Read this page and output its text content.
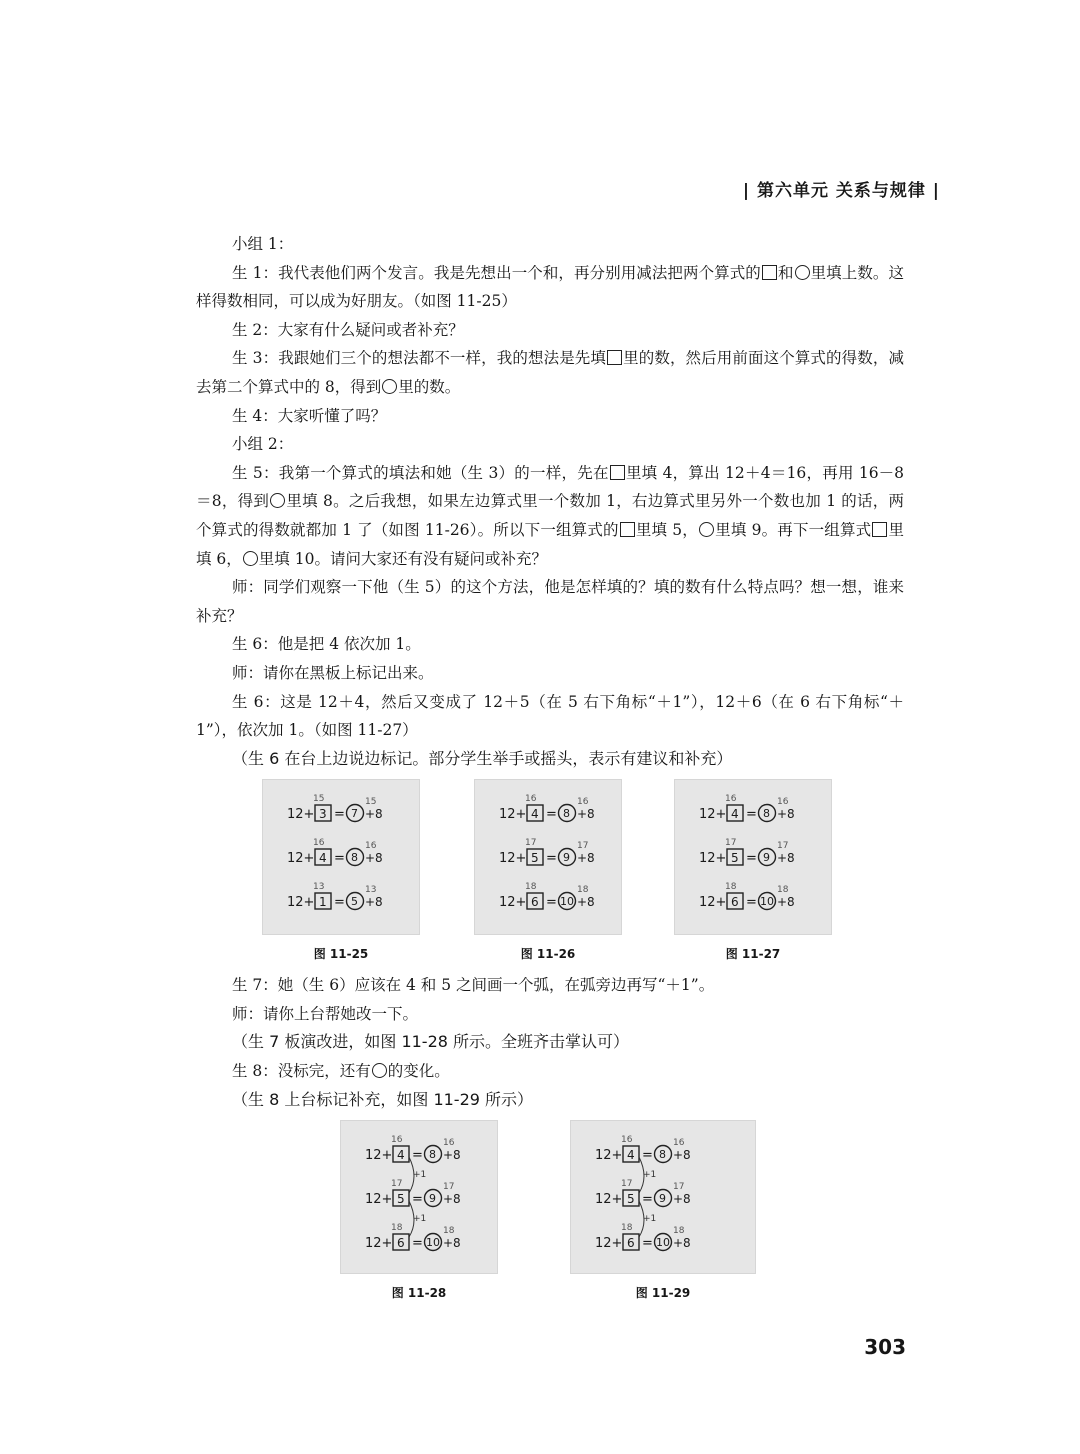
| 第六单元 关系与规律 |

小组 1：

生 1：我代表他们两个发言。我是先想出一个和，再分别用减法把两个算式的 和 里填上数。这样得数相同，可以成为好朋友。（如图 11-25）

生 2：大家有什么疑问或者补充？

生 3：我跟她们三个的想法都不一样，我的想法是先填 里的数，然后用前面这个算式的得数，减去第二个算式中的 8，得到 里的数。

生 4：大家听懂了吗？

小组 2：

生 5：我第一个算式的填法和她（生 3）的一样，先在 里填 4，算出 12＋4＝16，再用 16－8＝8，得到 里填 8。之后我想，如果左边算式里一个数加 1，右边算式里另外一个数也加 1 的话，两个算式的得数就都加 1 了（如图 11-26）。所以下一组算式的 里填 5， 里填 9。再下一组算式 里填 6， 里填 10。请问大家还有没有疑问或补充？

师：同学们观察一下他（生 5）的这个方法，他是怎样填的？填的数有什么特点吗？想一想，谁来补充？

生 6：他是把 4 依次加 1。

师：请你在黑板上标记出来。

生 6：这是 12＋4，然后又变成了 12＋5（在 5 右下角标“＋1”），12＋6（在 6 右下角标“＋1”），依次加 1。（如图 11-27）

（生 6 在台上边说边标记。部分学生举手或摇头，表示有建议和补充）

12+ 3 = 7 +8
15	15
12+ 4 = 8 +8
16	16
12+ 1 = 5 +8
13	13
图 11-25
12+ 4 = 8 +8
16	16
12+ 5 = 9 +8
17	17
12+ 6 = 10 +8
18	18
图 11-26
12+ 4 = 8 +8
16	16
12+ 5 = 9 +8
17	17
12+ 6 = 10 +8
18	18
图 11-27

生 7：她（生 6）应该在 4 和 5 之间画一个弧，在弧旁边再写“＋1”。

师：请你上台帮她改一下。

（生 7 板演改进，如图 11-28 所示。全班齐击掌认可）

生 8：没标完，还有 的变化。

（生 8 上台标记补充，如图 11-29 所示）

12+ 4 = 8 +8
16	16
+1
12+ 5 = 9 +8
17	17
+1
12+ 6 = 10 +8
18	18
图 11-28
12+ 4 = 8 +8
16	16
+1
12+ 5 = 9 +8
17	17
+1
12+ 6 = 10 +8
18	18
图 11-29
303
